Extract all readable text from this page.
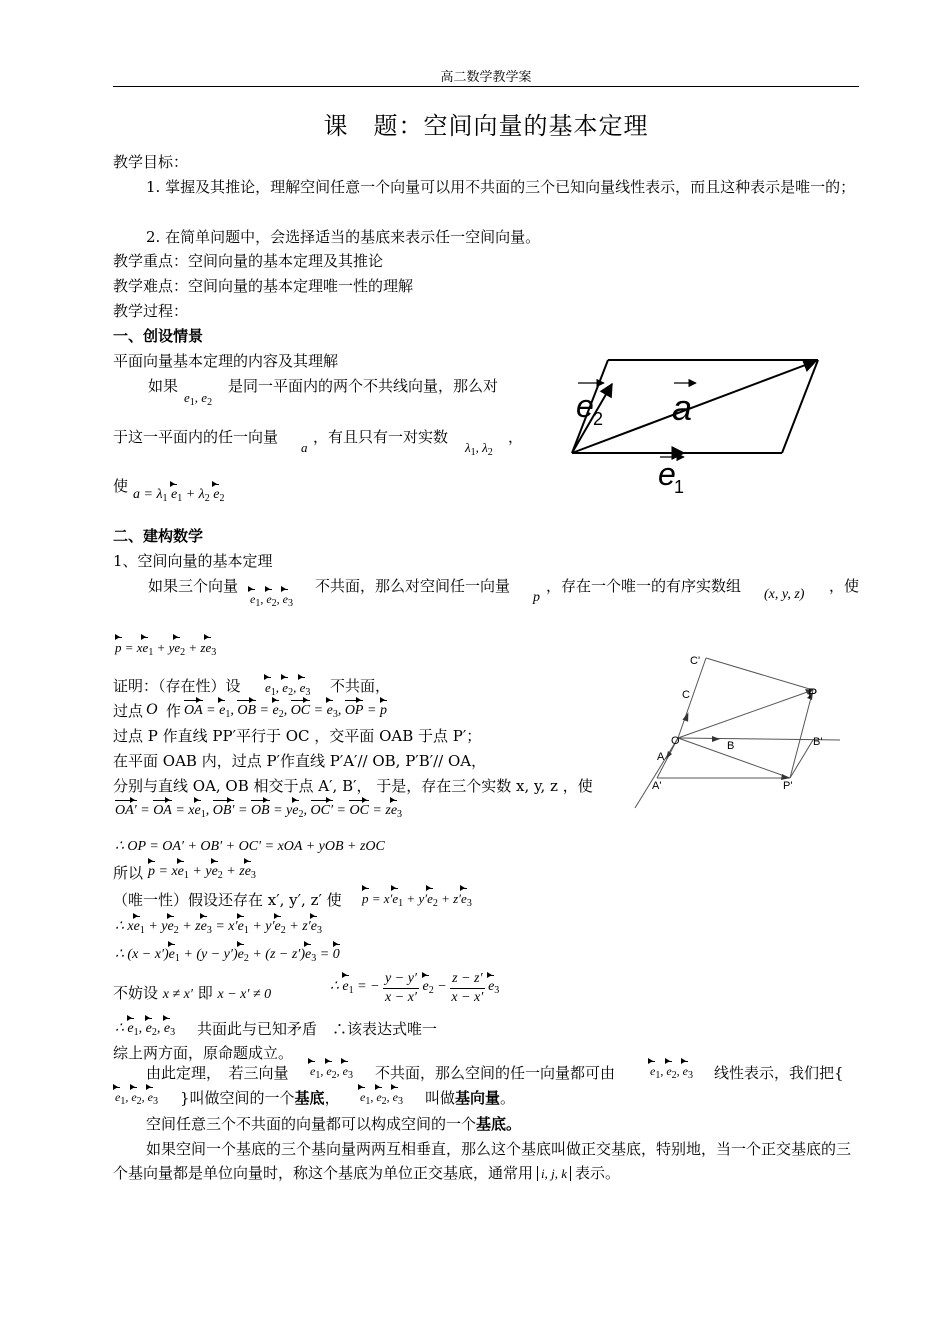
高二数学教学案
课　题：空间向量的基本定理
教学目标：
1. 掌握及其推论，理解空间任意一个向量可以用不共面的三个已知向量线性表示，而且这种表示是唯一的；
2. 在简单问题中，会选择适当的基底来表示任一空间向量。
教学重点：空间向量的基本定理及其推论
教学难点：空间向量的基本定理唯一性的理解
教学过程：
一、创设情景
平面向量基本定理的内容及其理解
如果
$e_1$, $e_2$
是同一平面内的两个不共线向量，那么对
于这一平面内的任一向量
a
，有且只有一对实数
$\lambda_1$, $\lambda_2$
，
使 $a = \lambda_1$ $e_1 + \lambda_2$ $e_2$
e 2 a
e
1
二、建构数学
1、空间向量的基本定理
如果三个向量
$e_1$, $e_2$, $e_3$
不共面，那么对空间任一向量
p
，存在一个唯一的有序实数组 (x, y, z) ，使
$p = xe_1 + ye_2 + ze_3$
C'
C	P
O	B	B'
A
A'	P'
证明：（存在性）设 $e_1$, $e_2$, $e_3$ 不共面，
过点 O 作 OA = $e_1$, OB = $e_2$, OC = $e_3$, OP = p
过点 P 作直线 PP′平行于 OC ，交平面 OAB 于点 P′；
在平面 OAB 内，过点 P′作直线 P′A′// OB, P′B′// OA，
分别与直线 OA, OB 相交于点 A′, B′， 于是，存在三个实数 x, y, z ，使
OA′ = OA = $xe_1$, OB′ = OB = $ye_2$, OC′ = OC = $ze_3$
∴ OP = OA′ + OB′ + OC′ = xOA + yOB + zOC
所以 $p = xe_1 + ye_2 + ze_3$
（唯一性）假设还存在 x′, y′, z′ 使 $p = x'e_1 + y'e_2 + z'e_3$
∴ $xe_1 + ye_2 + ze_3 = x'e_1 + y'e_2 + z'e_3$
∴ $(x - x')e_1 + (y - y')e_2 + (z - z')e_3 = 0$
不妨设 x ≠ x′ 即 x − x′ ≠ 0
∴ $e_1$ = − $\frac{y - y'}{x - x'} e_2 - \frac{z - z'}{x - x'} e_3$
∴ $e_1$, $e_2$, $e_3$ 共面此与已知矛盾　∴该表达式唯一
综上两方面，原命题成立。
由此定理，　若三向量 $e_1$, $e_2$, $e_3$ 不共面，那么空间的任一向量都可由	$e_1$, $e_2$, $e_3$ 线性表示，我们把{
$e_1$, $e_2$, $e_3$ }叫做空间的一个基底， $e_1$, $e_2$, $e_3$ 叫做基向量。
空间任意三个不共面的向量都可以构成空间的一个基底。
如果空间一个基底的三个基向量两两互相垂直，那么这个基底叫做正交基底，特别地，当一个正交基底的三个基向量都是单位向量时，称这个基底为单位正交基底，通常用 i, j, k 表示。
